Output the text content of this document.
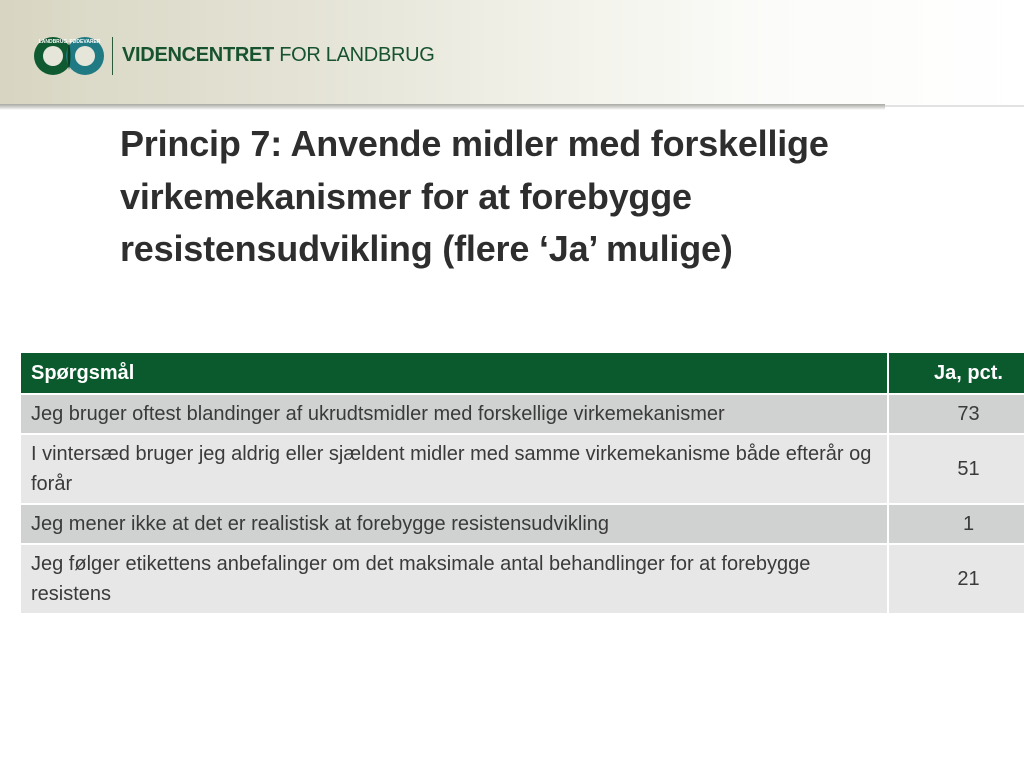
LANDBRUG FØDEVARER
VIDENCENTRET FOR LANDBRUG
Princip 7: Anvende midler med forskellige virkemekanismer for at forebygge resistensudvikling (flere ‘Ja’ mulige)
Spørgsmål	Ja, pct.
Jeg bruger oftest blandinger af ukrudtsmidler med forskellige virkemekanismer	73
I vintersæd bruger jeg aldrig eller sjældent midler med samme virkemekanisme både efterår og forår	51
Jeg mener ikke at det er realistisk at forebygge resistensudvikling	1
Jeg følger etikettens anbefalinger om det maksimale antal behandlinger for at forebygge resistens	21
